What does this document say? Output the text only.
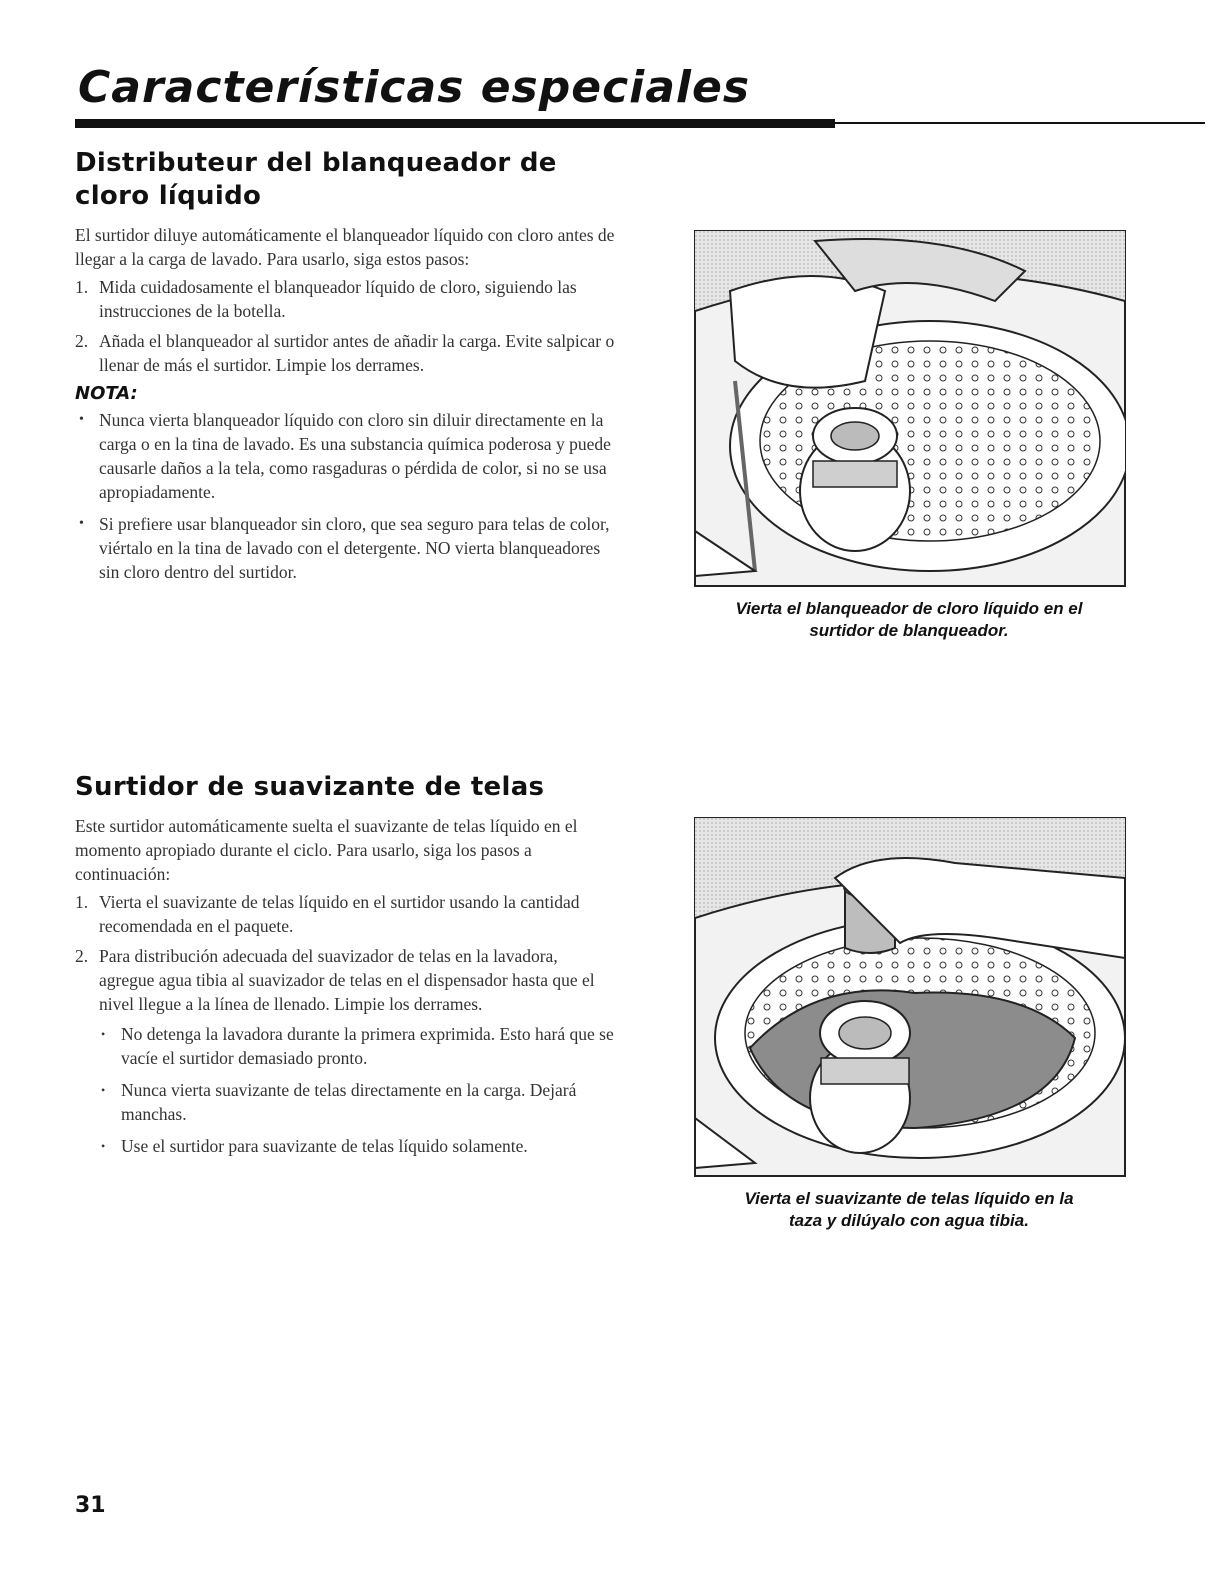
Características especiales
Distributeur del blanqueador de cloro líquido

El surtidor diluye automáticamente el blanqueador líquido con cloro antes de llegar a la carga de lavado. Para usarlo, siga estos pasos:

1. Mida cuidadosamente el blanqueador líquido de cloro, siguiendo las instrucciones de la botella.
2. Añada el blanqueador al surtidor antes de añadir la carga. Evite salpicar o llenar de más el surtidor. Limpie los derrames.
NOTA:
• Nunca vierta blanqueador líquido con cloro sin diluir directamente en la carga o en la tina de lavado. Es una substancia química poderosa y puede causarle daños a la tela, como rasgaduras o pérdida de color, si no se usa apropiadamente.
• Si prefiere usar blanqueador sin cloro, que sea seguro para telas de color, viértalo en la tina de lavado con el detergente. NO vierta blanqueadores sin cloro dentro del surtidor.
Vierta el blanqueador de cloro líquido en el surtidor de blanqueador.
Surtidor de suavizante de telas

Este surtidor automáticamente suelta el suavizante de telas líquido en el momento apropiado durante el ciclo. Para usarlo, siga los pasos a continuación:

1. Vierta el suavizante de telas líquido en el surtidor usando la cantidad recomendada en el paquete.
2. Para distribución adecuada del suavizador de telas en la lavadora, agregue agua tibia al suavizador de telas en el dispensador hasta que el nivel llegue a la línea de llenado. Limpie los derrames.
• No detenga la lavadora durante la primera exprimida. Esto hará que se vacíe el surtidor demasiado pronto.
• Nunca vierta suavizante de telas directamente en la carga. Dejará manchas.
• Use el surtidor para suavizante de telas líquido solamente.
Vierta el suavizante de telas líquido en la taza y dilúyalo con agua tibia.
31
